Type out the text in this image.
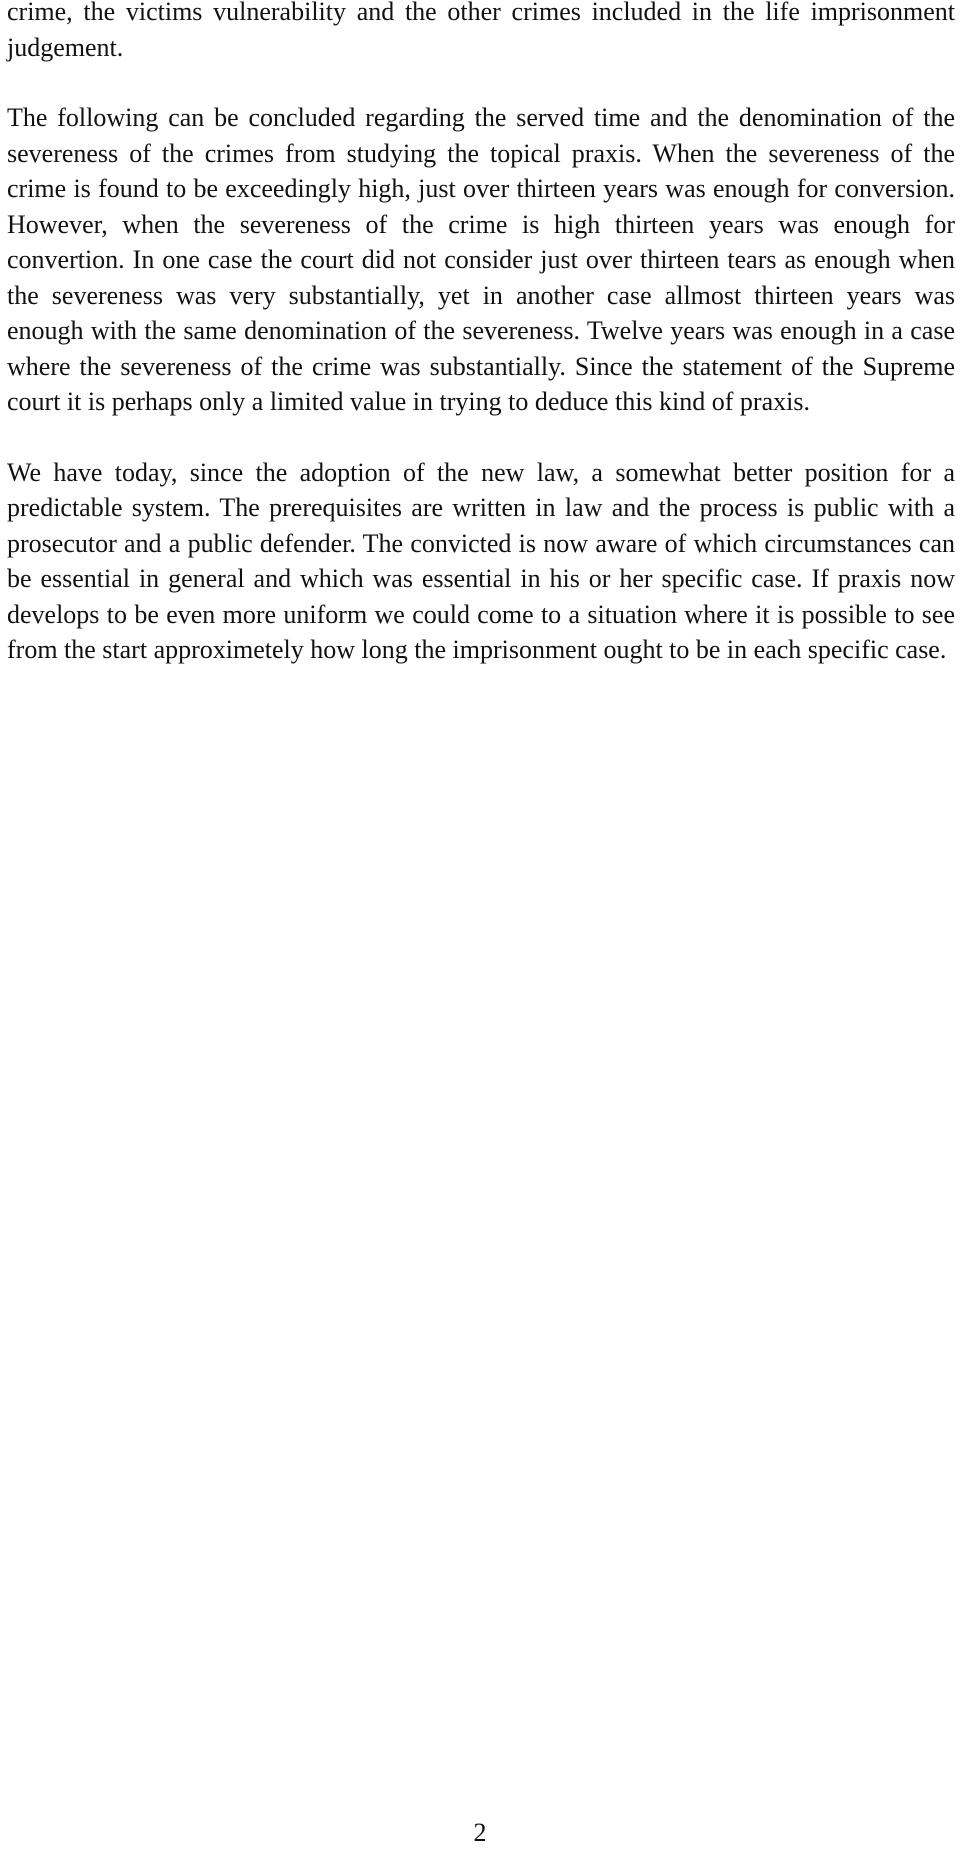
crime, the victims vulnerability and the other crimes included in the life imprisonment judgement.

The following can be concluded regarding the served time and the denomination of the severeness of the crimes from studying the topical praxis. When the severeness of the crime is found to be exceedingly high, just over thirteen years was enough for conversion. However, when the severeness of the crime is high thirteen years was enough for convertion. In one case the court did not consider just over thirteen tears as enough when the severeness was very substantially, yet in another case allmost thirteen years was enough with the same denomination of the severeness. Twelve years was enough in a case where the severeness of the crime was substantially. Since the statement of the Supreme court it is perhaps only a limited value in trying to deduce this kind of praxis.

We have today, since the adoption of the new law, a somewhat better position for a predictable system. The prerequisites are written in law and the process is public with a prosecutor and a public defender. The convicted is now aware of which circumstances can be essential in general and which was essential in his or her specific case. If praxis now develops to be even more uniform we could come to a situation where it is possible to see from the start approximetely how long the imprisonment ought to be in each specific case.

2
